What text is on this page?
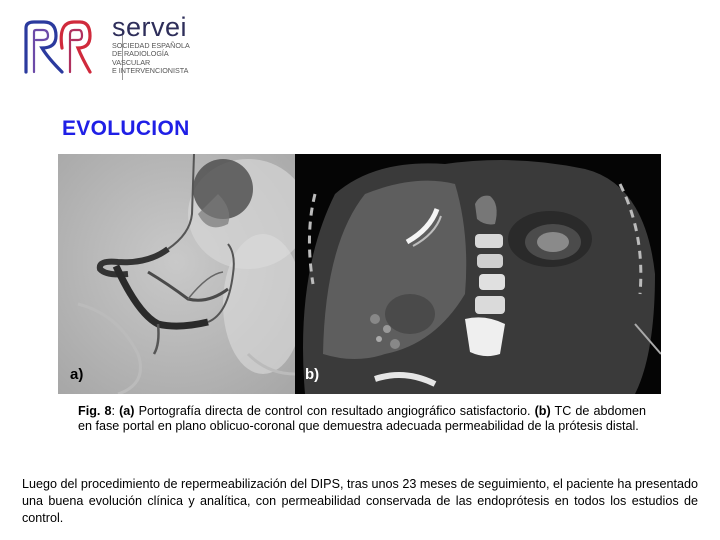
servei
SOCIEDAD ESPAÑOLA
DE RADIOLOGÍA
VASCULAR
E INTERVENCIONISTA
EVOLUCION
a)	b)
Fig. 8: (a) Portografía directa de control con resultado angiográfico satisfactorio. (b) TC de abdomen en fase portal en plano oblicuo-coronal que demuestra adecuada permeabilidad de la prótesis distal.
Luego del procedimiento de repermeabilización del DIPS, tras unos 23 meses de seguimiento, el paciente ha presentado una buena evolución clínica y analítica, con permeabilidad conservada de las endoprótesis en todos los estudios de control.
